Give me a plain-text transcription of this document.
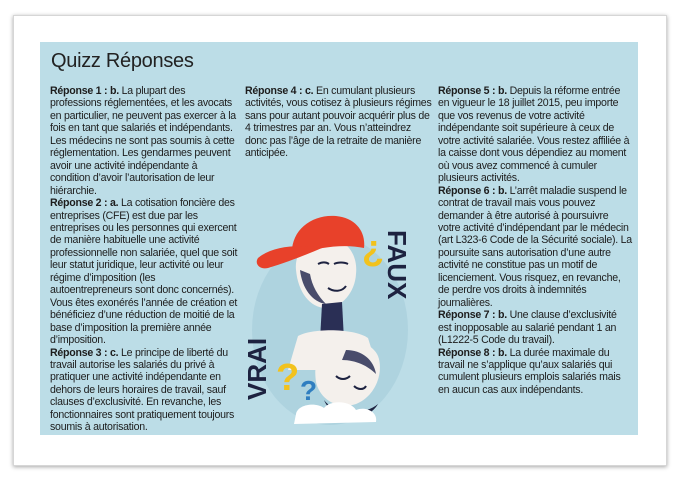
Quizz Réponses

Réponse 1 : b. La plupart des professions réglementées, et les avocats en particulier, ne peuvent pas exercer à la fois en tant que salariés et indépendants. Les médecins ne sont pas soumis à cette réglementation. Les gendarmes peuvent avoir une activité indépendante à condition d’avoir l’autorisation de leur hiérarchie.

Réponse 2 : a. La cotisation foncière des entreprises (CFE) est due par les entreprises ou les personnes qui exercent de manière habituelle une activité professionnelle non salariée, quel que soit leur statut juridique, leur activité ou leur régime d’imposition (les autoentrepreneurs sont donc concernés). Vous êtes exonérés l’année de création et bénéficiez d’une réduction de moitié de la base d’imposition la première année d’imposition.

Réponse 3 : c. Le principe de liberté du travail autorise les salariés du privé à pratiquer une activité indépendante en dehors de leurs horaires de travail, sauf clauses d’exclusivité. En revanche, les fonctionnaires sont pratiquement toujours soumis à autorisation.

Réponse 4 : c. En cumulant plusieurs activités, vous cotisez à plusieurs régimes sans pour autant pouvoir acquérir plus de 4 trimestres par an. Vous n’atteindrez donc pas l’âge de la retraite de manière anticipée.

Réponse 5 : b. Depuis la réforme entrée en vigueur le 18 juillet 2015, peu importe que vos revenus de votre activité indépendante soit supérieure à ceux de votre activité salariée. Vous restez affiliée à la caisse dont vous dépendiez au moment où vous avez commencé à cumuler plusieurs activités.

Réponse 6 : b. L’arrêt maladie suspend le contrat de travail mais vous pouvez demander à être autorisé à poursuivre votre activité d’indépendant par le médecin (art L323-6 Code de la Sécurité sociale). La poursuite sans autorisation d’une autre activité ne constitue pas un motif de licenciement. Vous risquez, en revanche, de perdre vos droits à indemnités journalières.

Réponse 7 : b. Une clause d’exclusivité est inopposable au salarié pendant 1 an (L1222-5 Code du travail).

Réponse 8 : b. La durée maximale du travail ne s’applique qu’aux salariés qui cumulent plusieurs emplois salariés mais en aucun cas aux indépendants.

VRAI
FAUX
?
¿
?
